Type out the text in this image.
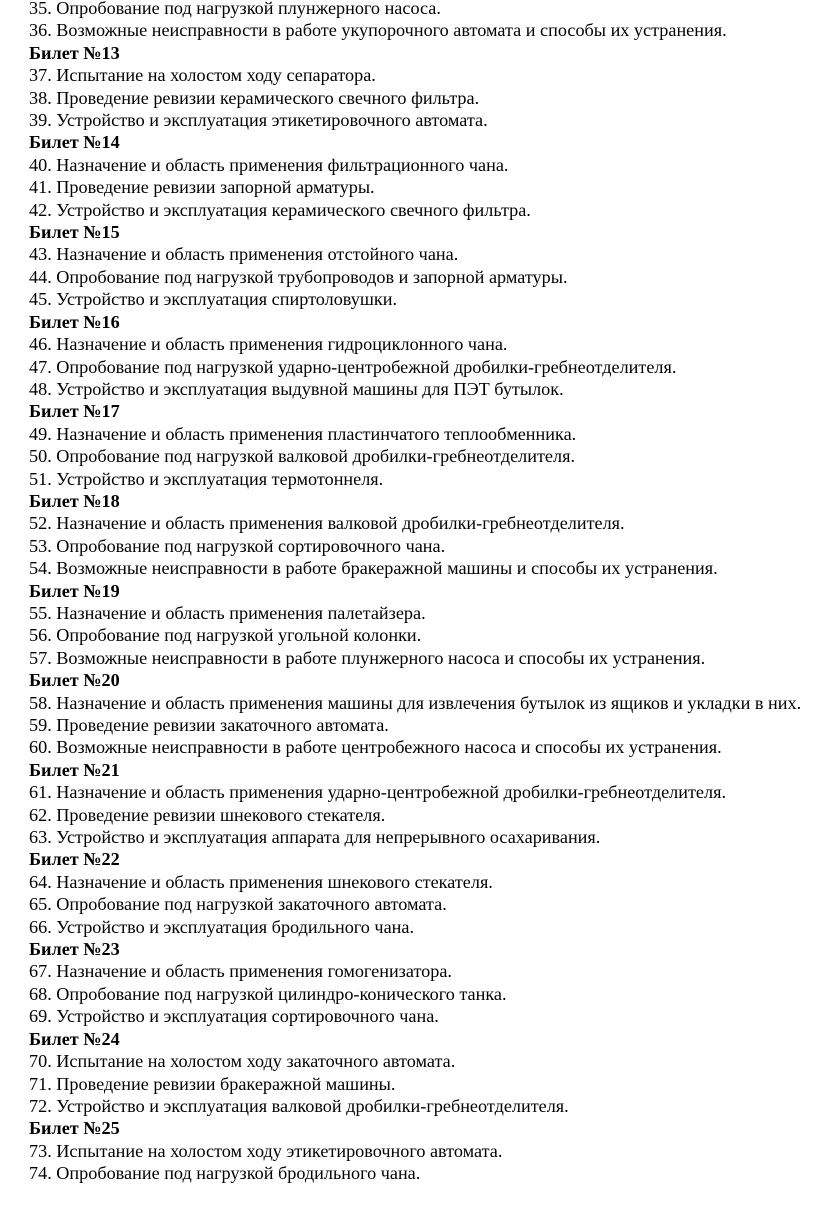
35. Опробование под нагрузкой плунжерного насоса.

36. Возможные неисправности в работе укупорочного автомата и способы их устранения.

Билет №13

37. Испытание на холостом ходу сепаратора.

38. Проведение ревизии керамического свечного фильтра.

39. Устройство и эксплуатация этикетировочного автомата.

Билет №14

40. Назначение и область применения фильтрационного чана.

41. Проведение ревизии запорной арматуры.

42. Устройство и эксплуатация керамического свечного фильтра.

Билет №15

43. Назначение и область применения отстойного чана.

44. Опробование под нагрузкой трубопроводов и запорной арматуры.

45. Устройство и эксплуатация спиртоловушки.

Билет №16

46. Назначение и область применения гидроциклонного чана.

47. Опробование под нагрузкой ударно-центробежной дробилки-гребнеотделителя.

48. Устройство и эксплуатация выдувной машины для ПЭТ бутылок.

Билет №17

49. Назначение и область применения пластинчатого теплообменника.

50. Опробование под нагрузкой валковой дробилки-гребнеотделителя.

51. Устройство и эксплуатация термотоннеля.

Билет №18

52. Назначение и область применения валковой дробилки-гребнеотделителя.

53. Опробование под нагрузкой сортировочного чана.

54. Возможные неисправности в работе бракеражной машины и способы их устранения.

Билет №19

55. Назначение и область применения палетайзера.

56. Опробование под нагрузкой угольной колонки.

57. Возможные неисправности в работе плунжерного насоса и способы их устранения.

Билет №20

58. Назначение и область применения машины для извлечения бутылок из ящиков и укладки в них.

59. Проведение ревизии закаточного автомата.

60. Возможные неисправности в работе центробежного насоса и способы их устранения.

Билет №21

61. Назначение и область применения ударно-центробежной дробилки-гребнеотделителя.

62. Проведение ревизии шнекового стекателя.

63. Устройство и эксплуатация аппарата для непрерывного осахаривания.

Билет №22

64. Назначение и область применения шнекового стекателя.

65. Опробование под нагрузкой закаточного автомата.

66. Устройство и эксплуатация бродильного чана.

Билет №23

67. Назначение и область применения гомогенизатора.

68. Опробование под нагрузкой цилиндро-конического танка.

69. Устройство и эксплуатация сортировочного чана.

Билет №24

70. Испытание на холостом ходу закаточного автомата.

71. Проведение ревизии бракеражной машины.

72. Устройство и эксплуатация валковой дробилки-гребнеотделителя.

Билет №25

73. Испытание на холостом ходу этикетировочного автомата.

74. Опробование под нагрузкой бродильного чана.
